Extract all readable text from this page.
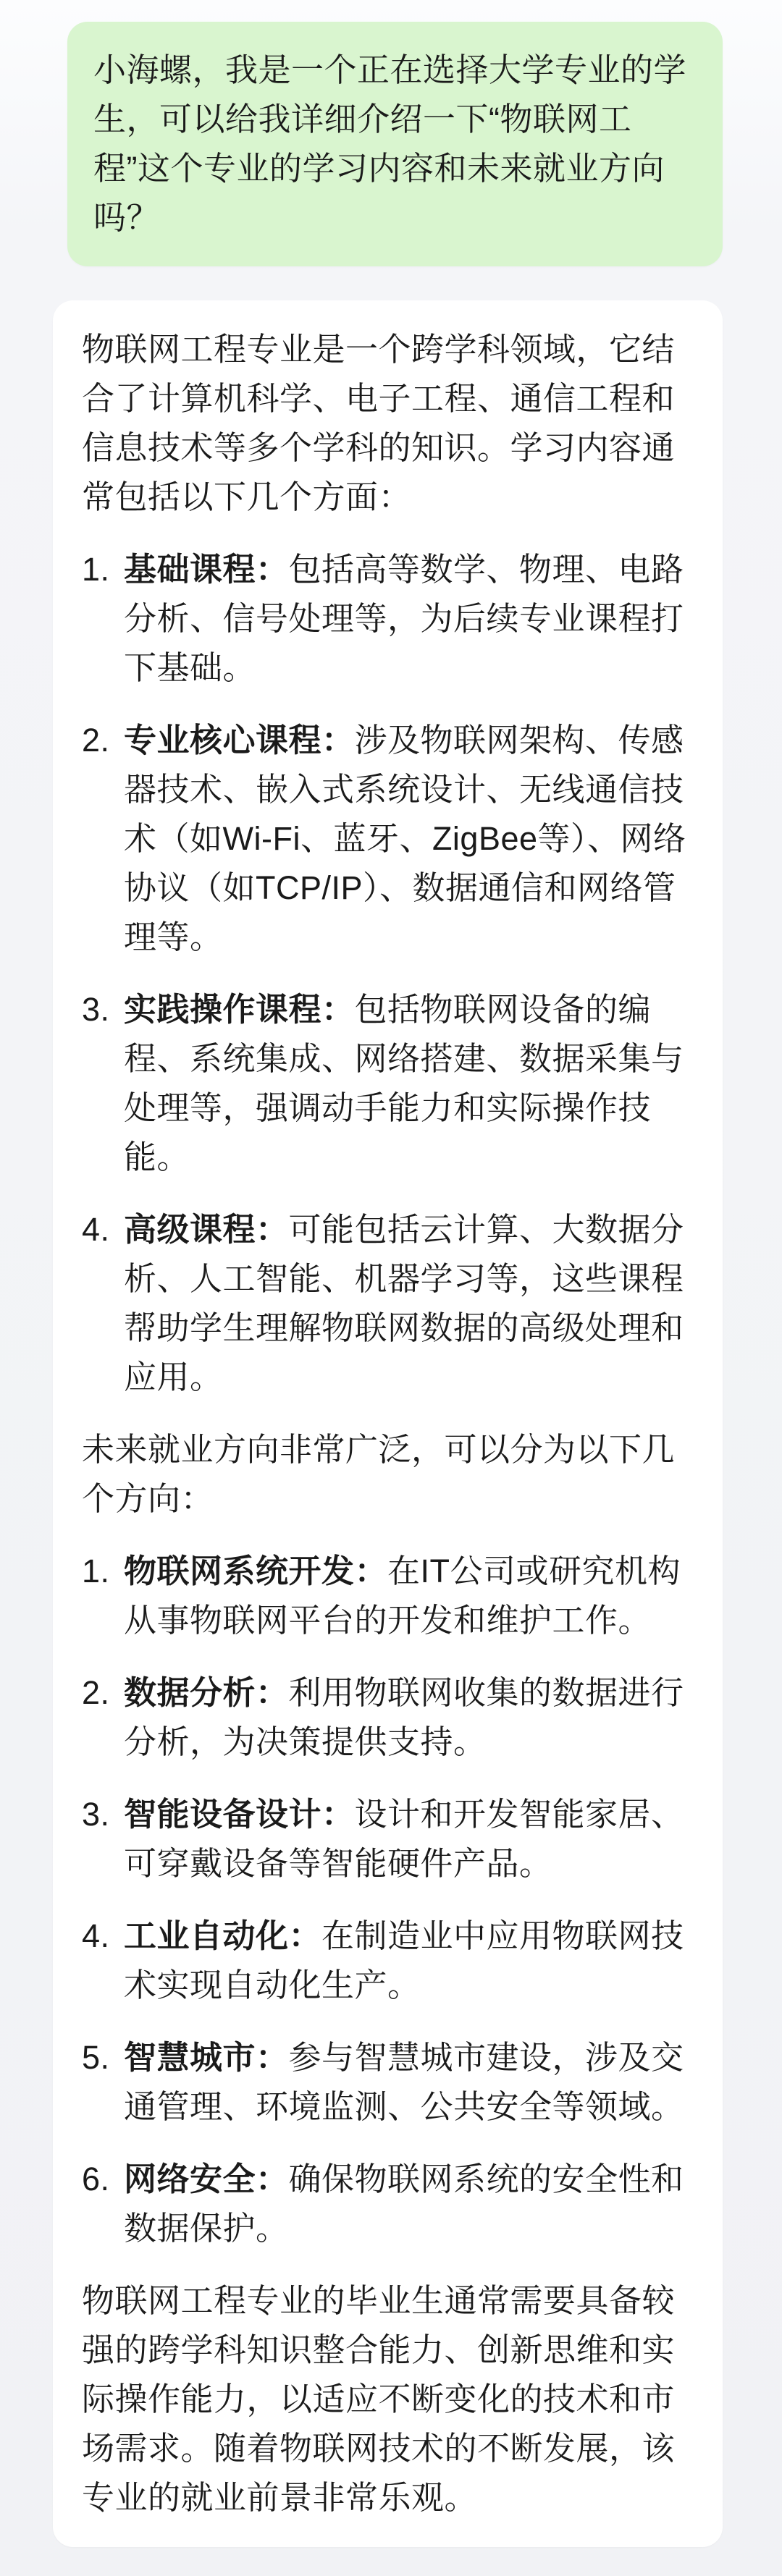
小海螺，我是一个正在选择大学专业的学生，可以给我详细介绍一下“物联网工程”这个专业的学习内容和未来就业方向吗？

物联网工程专业是一个跨学科领域，它结合了计算机科学、电子工程、通信工程和信息技术等多个学科的知识。学习内容通常包括以下几个方面：

1. 基础课程：包括高等数学、物理、电路分析、信号处理等，为后续专业课程打下基础。
2. 专业核心课程：涉及物联网架构、传感器技术、嵌入式系统设计、无线通信技术（如Wi-Fi、蓝牙、ZigBee等）、网络协议（如TCP/IP）、数据通信和网络管理等。
3. 实践操作课程：包括物联网设备的编程、系统集成、网络搭建、数据采集与处理等，强调动手能力和实际操作技能。
4. 高级课程：可能包括云计算、大数据分析、人工智能、机器学习等，这些课程帮助学生理解物联网数据的高级处理和应用。

未来就业方向非常广泛，可以分为以下几个方向：

1. 物联网系统开发：在IT公司或研究机构从事物联网平台的开发和维护工作。
2. 数据分析：利用物联网收集的数据进行分析，为决策提供支持。
3. 智能设备设计：设计和开发智能家居、可穿戴设备等智能硬件产品。
4. 工业自动化：在制造业中应用物联网技术实现自动化生产。
5. 智慧城市：参与智慧城市建设，涉及交通管理、环境监测、公共安全等领域。
6. 网络安全：确保物联网系统的安全性和数据保护。

物联网工程专业的毕业生通常需要具备较强的跨学科知识整合能力、创新思维和实际操作能力，以适应不断变化的技术和市场需求。随着物联网技术的不断发展，该专业的就业前景非常乐观。
